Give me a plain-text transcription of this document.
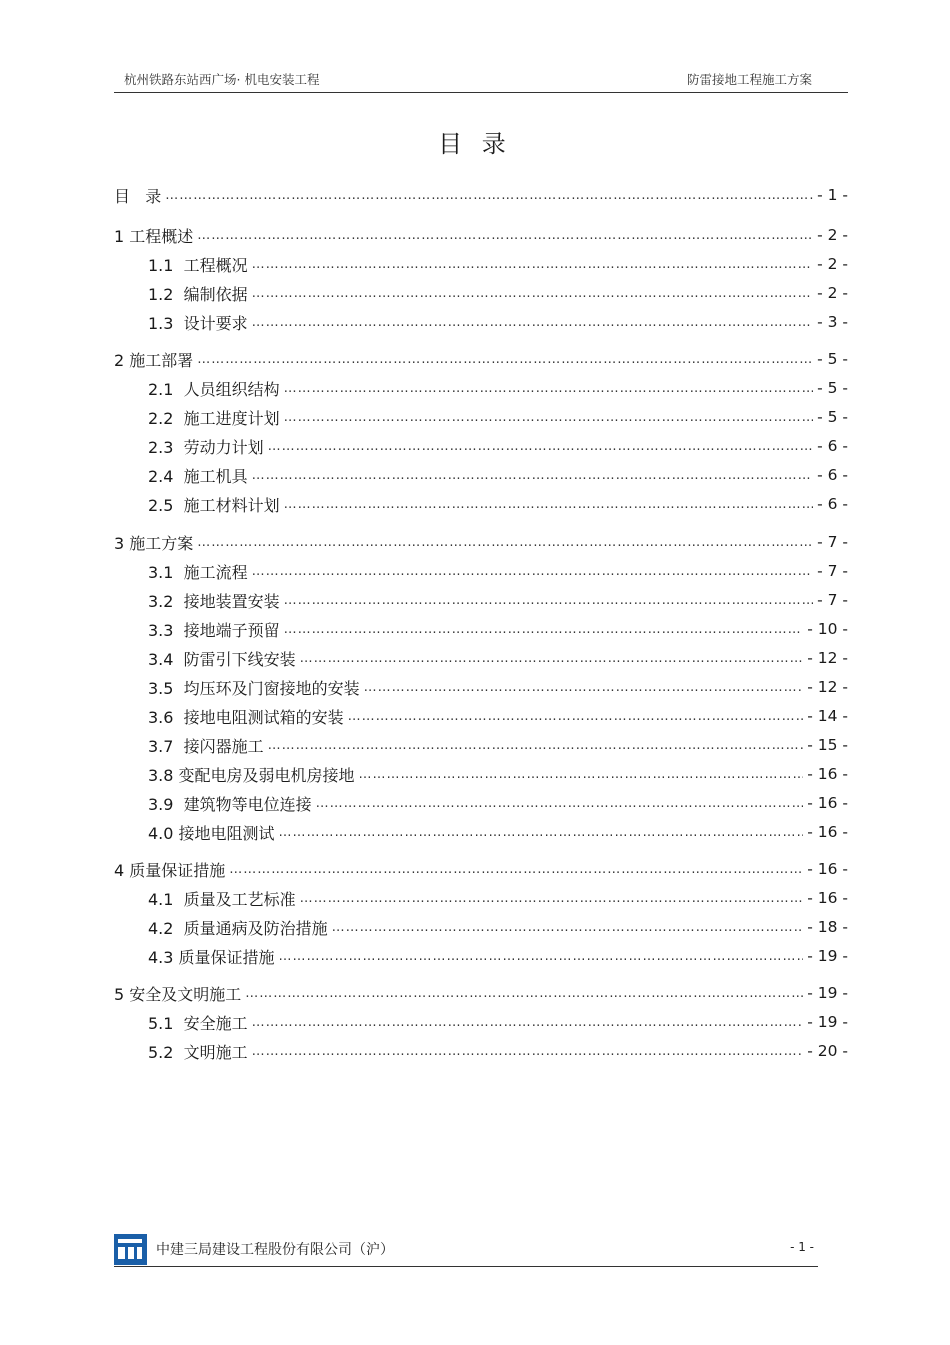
杭州铁路东站西广场· 机电安装工程	防雷接地工程施工方案
目 录
目   录 ………………………………………………………………………………………………………………………………………………………………………	- 1 -
1 工程概述 ………………………………………………………………………………………………………………………………………………………………………	- 2 -
1.1  工程概况 ………………………………………………………………………………………………………………………………………………………………………	- 2 -
1.2  编制依据 ………………………………………………………………………………………………………………………………………………………………………	- 2 -
1.3  设计要求 ………………………………………………………………………………………………………………………………………………………………………	- 3 -
2 施工部署 ………………………………………………………………………………………………………………………………………………………………………	- 5 -
2.1  人员组织结构 ………………………………………………………………………………………………………………………………………………………………………	- 5 -
2.2  施工进度计划 ………………………………………………………………………………………………………………………………………………………………………	- 5 -
2.3  劳动力计划 ………………………………………………………………………………………………………………………………………………………………………	- 6 -
2.4  施工机具 ………………………………………………………………………………………………………………………………………………………………………	- 6 -
2.5  施工材料计划 ………………………………………………………………………………………………………………………………………………………………………	- 6 -
3 施工方案 ………………………………………………………………………………………………………………………………………………………………………	- 7 -
3.1  施工流程 ………………………………………………………………………………………………………………………………………………………………………	- 7 -
3.2  接地装置安装 ………………………………………………………………………………………………………………………………………………………………………	- 7 -
3.3  接地端子预留 ………………………………………………………………………………………………………………………………………………………………………	- 10 -
3.4  防雷引下线安装 ………………………………………………………………………………………………………………………………………………………………………	- 12 -
3.5  均压环及门窗接地的安装 ………………………………………………………………………………………………………………………………………………………………………	- 12 -
3.6  接地电阻测试箱的安装 ………………………………………………………………………………………………………………………………………………………………………	- 14 -
3.7  接闪器施工 ………………………………………………………………………………………………………………………………………………………………………	- 15 -
3.8 变配电房及弱电机房接地 ………………………………………………………………………………………………………………………………………………………………………	- 16 -
3.9  建筑物等电位连接 ………………………………………………………………………………………………………………………………………………………………………	- 16 -
4.0 接地电阻测试 ………………………………………………………………………………………………………………………………………………………………………	- 16 -
4 质量保证措施 ………………………………………………………………………………………………………………………………………………………………………	- 16 -
4.1  质量及工艺标准 ………………………………………………………………………………………………………………………………………………………………………	- 16 -
4.2  质量通病及防治措施 ………………………………………………………………………………………………………………………………………………………………………	- 18 -
4.3 质量保证措施 ………………………………………………………………………………………………………………………………………………………………………	- 19 -
5 安全及文明施工 ………………………………………………………………………………………………………………………………………………………………………	- 19 -
5.1  安全施工 ………………………………………………………………………………………………………………………………………………………………………	- 19 -
5.2  文明施工 ………………………………………………………………………………………………………………………………………………………………………	- 20 -
中建三局建设工程股份有限公司（沪）	- 1 -
